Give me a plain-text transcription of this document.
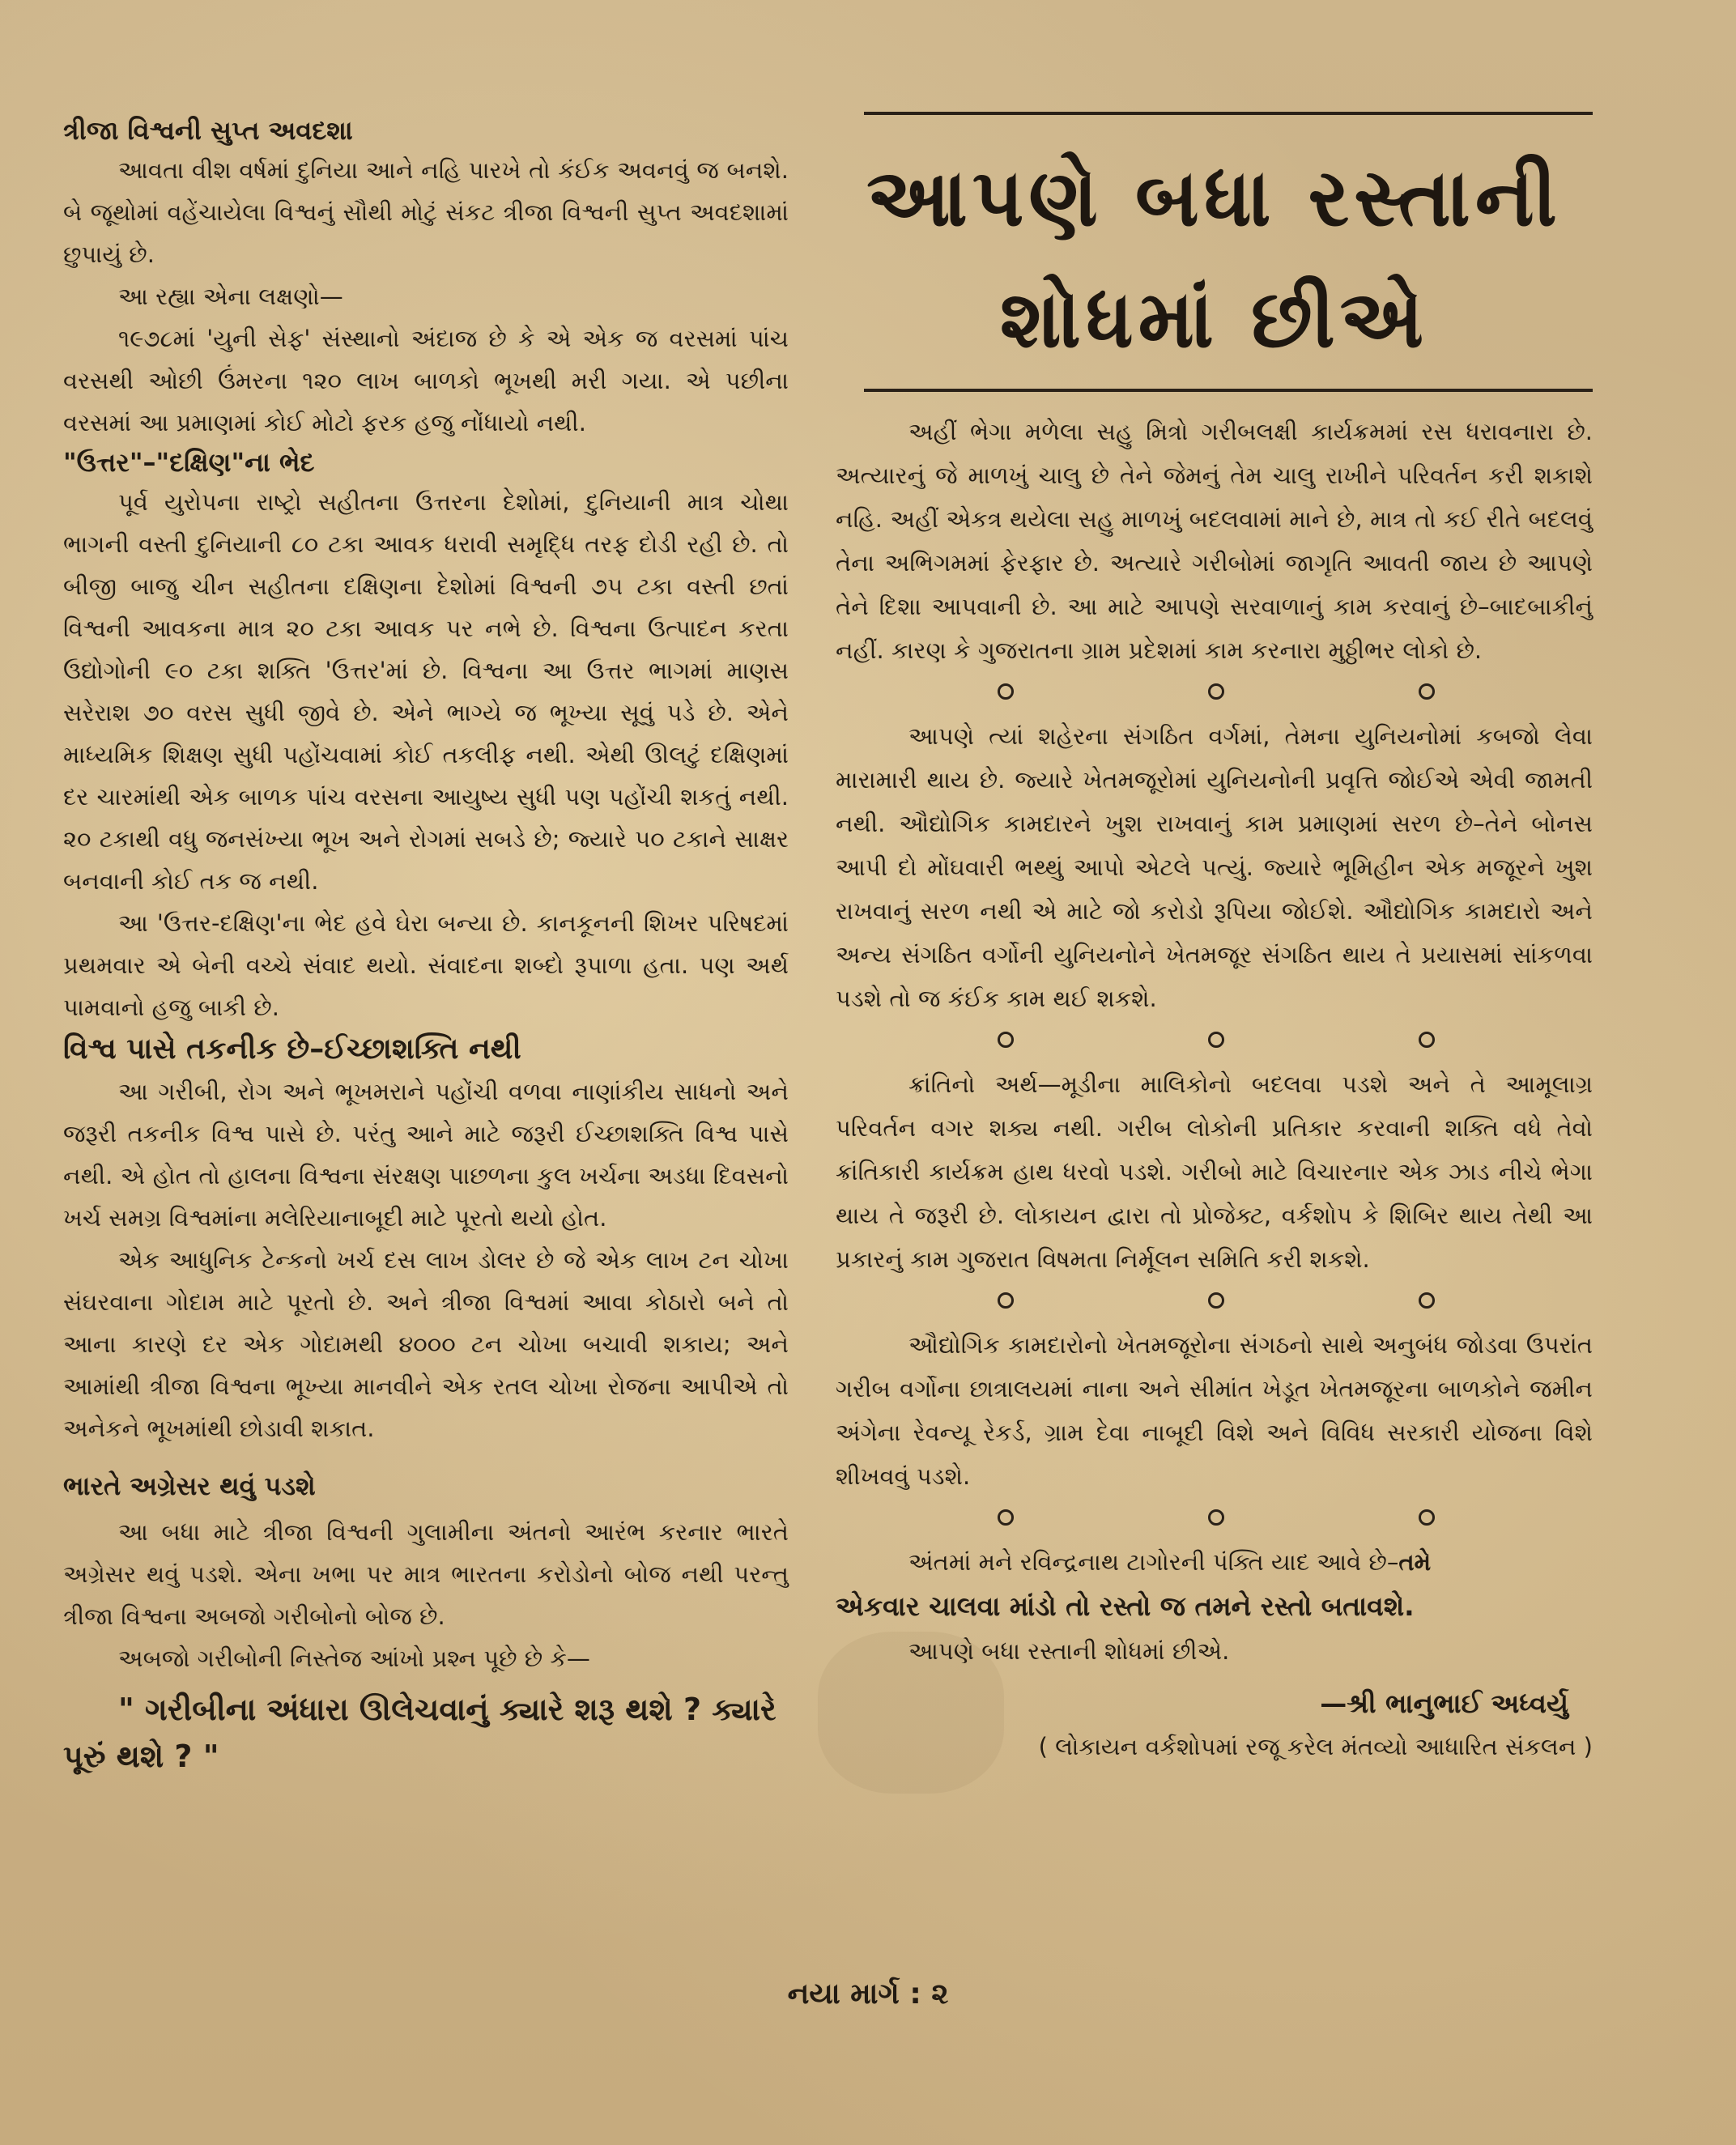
ત્રીજા વિશ્વની સુપ્ત અવદશા

આવતા વીશ વર્ષમાં દુનિયા આને નહિ પારખે તો કંઈક અવનવું જ બનશે. બે જૂથોમાં વહેંચાયેલા વિશ્વનું સૌથી મોટું સંકટ ત્રીજા વિશ્વની સુપ્ત અવદશામાં છુપાયું છે.

આ રહ્યા એના લક્ષણો—

૧૯૭૮માં 'યુની સેફ' સંસ્થાનો અંદાજ છે કે એ એક જ વરસમાં પાંચ વરસથી ઓછી ઉંમરના ૧૨૦ લાખ બાળકો ભૂખથી મરી ગયા. એ પછીના વરસમાં આ પ્રમાણમાં કોઈ મોટો ફરક હજુ નોંધાયો નથી.

"ઉત્તર"–"દક્ષિણ"ના ભેદ

પૂર્વ યુરોપના રાષ્ટ્રો સહીતના ઉત્તરના દેશોમાં, દુનિયાની માત્ર ચોથા ભાગની વસ્તી દુનિયાની ૮૦ ટકા આવક ધરાવી સમૃદ્ધિ તરફ દોડી રહી છે. તો બીજી બાજુ ચીન સહીતના દક્ષિણના દેશોમાં વિશ્વની ૭૫ ટકા વસ્તી છતાં વિશ્વની આવકના માત્ર ૨૦ ટકા આવક પર નભે છે. વિશ્વના ઉત્પાદન કરતા ઉદ્યોગોની ૯૦ ટકા શક્તિ 'ઉત્તર'માં છે. વિશ્વના આ ઉત્તર ભાગમાં માણસ સરેરાશ ૭૦ વરસ સુધી જીવે છે. એને ભાગ્યે જ ભૂખ્યા સૂવું પડે છે. એને માધ્યમિક શિક્ષણ સુધી પહોંચવામાં કોઈ તકલીફ નથી. એથી ઊલટું દક્ષિણમાં દર ચારમાંથી એક બાળક પાંચ વરસના આયુષ્ય સુધી પણ પહોંચી શકતું નથી. ૨૦ ટકાથી વધુ જનસંખ્યા ભૂખ અને રોગમાં સબડે છે; જ્યારે ૫૦ ટકાને સાક્ષર બનવાની કોઈ તક જ નથી.

આ 'ઉત્તર-દક્ષિણ'ના ભેદ હવે ઘેરા બન્યા છે. કાનકૂનની શિખર પરિષદમાં પ્રથમવાર એ બેની વચ્ચે સંવાદ થયો. સંવાદના શબ્દો રૂપાળા હતા. પણ અર્થ પામવાનો હજુ બાકી છે.

વિશ્વ પાસે તકનીક છે–ઈચ્છાશક્તિ નથી

આ ગરીબી, રોગ અને ભૂખમરાને પહોંચી વળવા નાણાંકીય સાધનો અને જરૂરી તકનીક વિશ્વ પાસે છે. પરંતુ આને માટે જરૂરી ઈચ્છાશક્તિ વિશ્વ પાસે નથી. એ હોત તો હાલના વિશ્વના સંરક્ષણ પાછળના કુલ ખર્ચના અડધા દિવસનો ખર્ચ સમગ્ર વિશ્વમાંના મલેરિયાનાબૂદી માટે પૂરતો થયો હોત.

એક આધુનિક ટેન્કનો ખર્ચ દસ લાખ ડોલર છે જે એક લાખ ટન ચોખા સંઘરવાના ગોદામ માટે પૂરતો છે. અને ત્રીજા વિશ્વમાં આવા કોઠારો બને તો આના કારણે દર એક ગોદામથી ૪૦૦૦ ટન ચોખા બચાવી શકાય; અને આમાંથી ત્રીજા વિશ્વના ભૂખ્યા માનવીને એક રતલ ચોખા રોજના આપીએ તો અનેકને ભૂખમાંથી છોડાવી શકાત.

ભારતે અગ્રેસર થવું પડશે

આ બધા માટે ત્રીજા વિશ્વની ગુલામીના અંતનો આરંભ કરનાર ભારતે અગ્રેસર થવું પડશે. એના ખભા પર માત્ર ભારતના કરોડોનો બોજ નથી પરન્તુ ત્રીજા વિશ્વના અબજો ગરીબોનો બોજ છે.

અબજો ગરીબોની નિસ્તેજ આંખો પ્રશ્ન પૂછે છે કે—

" ગરીબીના અંધારા ઊલેચવાનું ક્યારે શરૂ થશે ? ક્યારે પૂરું થશે ? "

આપણે બધા રસ્તાની
શોધમાં છીએ

અહીં ભેગા મળેલા સહુ મિત્રો ગરીબલક્ષી કાર્યક્રમમાં રસ ધરાવનારા છે. અત્યારનું જે માળખું ચાલુ છે તેને જેમનું તેમ ચાલુ રાખીને પરિવર્તન કરી શકાશે નહિ. અહીં એકત્ર થયેલા સહુ માળખું બદલવામાં માને છે, માત્ર તો કઈ રીતે બદલવું તેના અભિગમમાં ફેરફાર છે. અત્યારે ગરીબોમાં જાગૃતિ આવતી જાય છે આપણે તેને દિશા આપવાની છે. આ માટે આપણે સરવાળાનું કામ કરવાનું છે–બાદબાકીનું નહીં. કારણ કે ગુજરાતના ગ્રામ પ્રદેશમાં કામ કરનારા મુઠ્ઠીભર લોકો છે.

આપણે ત્યાં શહેરના સંગઠિત વર્ગમાં, તેમના યુનિયનોમાં કબજો લેવા મારામારી થાય છે. જ્યારે ખેતમજૂરોમાં યુનિયનોની પ્રવૃત્તિ જોઈએ એવી જામતી નથી. ઔદ્યોગિક કામદારને ખુશ રાખવાનું કામ પ્રમાણમાં સરળ છે–તેને બોનસ આપી દો મોંઘવારી ભથ્થું આપો એટલે પત્યું. જ્યારે ભૂમિહીન એક મજૂરને ખુશ રાખવાનું સરળ નથી એ માટે જો કરોડો રૂપિયા જોઈશે. ઔદ્યોગિક કામદારો અને અન્ય સંગઠિત વર્ગોની યુનિયનોને ખેતમજૂર સંગઠિત થાય તે પ્રયાસમાં સાંકળવા પડશે તો જ કંઈક કામ થઈ શકશે.

ક્રાંતિનો અર્થ—મૂડીના માલિકોનો બદલવા પડશે અને તે આમૂલાગ્ર પરિવર્તન વગર શક્ય નથી. ગરીબ લોકોની પ્રતિકાર કરવાની શક્તિ વધે તેવો ક્રાંતિકારી કાર્યક્રમ હાથ ધરવો પડશે. ગરીબો માટે વિચારનાર એક ઝાડ નીચે ભેગા થાય તે જરૂરી છે. લોકાયન દ્વારા તો પ્રોજેક્ટ, વર્કશોપ કે શિબિર થાય તેથી આ પ્રકારનું કામ ગુજરાત વિષમતા નિર્મૂલન સમિતિ કરી શકશે.

ઔદ્યોગિક કામદારોનો ખેતમજૂરોના સંગઠનો સાથે અનુબંધ જોડવા ઉપરાંત ગરીબ વર્ગોના છાત્રાલયમાં નાના અને સીમાંત ખેડૂત ખેતમજૂરના બાળકોને જમીન અંગેના રેવન્યૂ રેકર્ડ, ગ્રામ દેવા નાબૂદી વિશે અને વિવિધ સરકારી યોજના વિશે શીખવવું પડશે.

અંતમાં મને રવિન્દ્રનાથ ટાગોરની પંક્તિ યાદ આવે છે–તમે

એકવાર ચાલવા માંડો તો રસ્તો જ તમને રસ્તો બતાવશે.

આપણે બધા રસ્તાની શોધમાં છીએ.

—શ્રી ભાનુભાઈ અધ્વર્યુ

( લોકાયન વર્કશોપમાં રજૂ કરેલ મંતવ્યો આધારિત સંકલન )

નયા માર્ગ : ૨
